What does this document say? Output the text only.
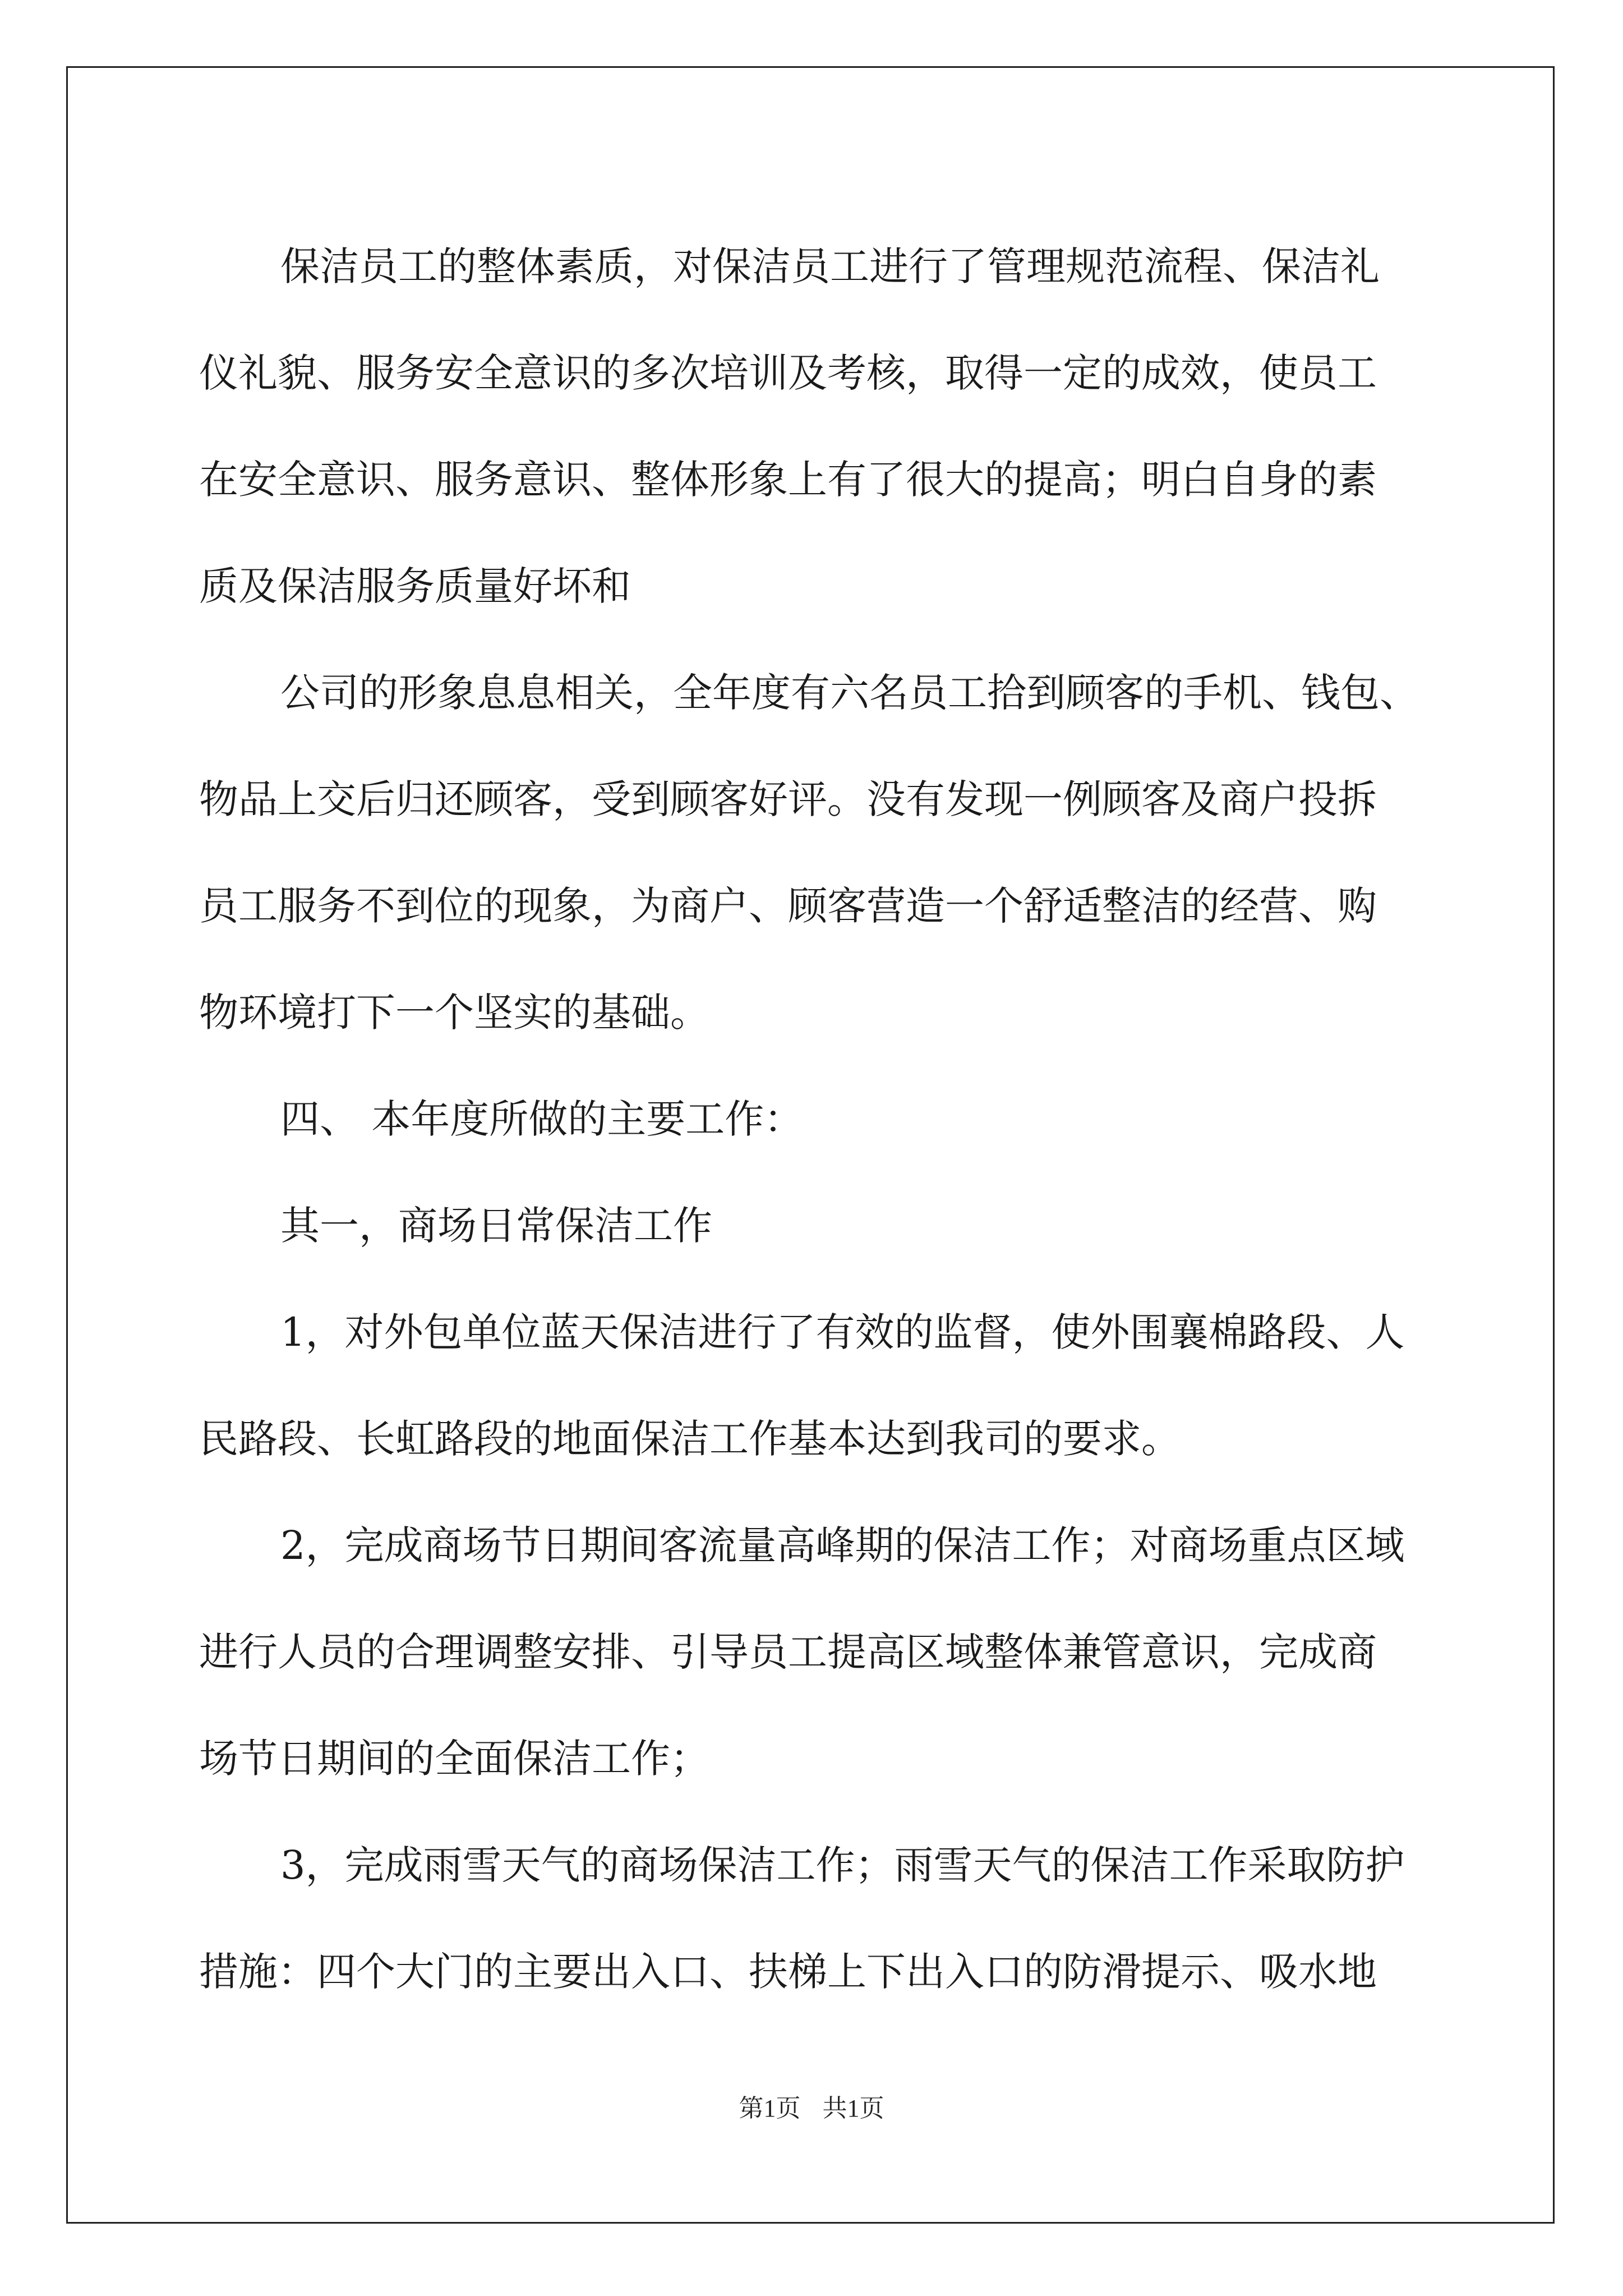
保洁员工的整体素质，对保洁员工进行了管理规范流程、保洁礼
仪礼貌、服务安全意识的多次培训及考核，取得一定的成效，使员工
在安全意识、服务意识、整体形象上有了很大的提高；明白自身的素
质及保洁服务质量好坏和

公司的形象息息相关，全年度有六名员工拾到顾客的手机、钱包、
物品上交后归还顾客，受到顾客好评。没有发现一例顾客及商户投拆
员工服务不到位的现象，为商户、顾客营造一个舒适整洁的经营、购
物环境打下一个坚实的基础。

四、 本年度所做的主要工作：

其一，商场日常保洁工作

1，对外包单位蓝天保洁进行了有效的监督，使外围襄棉路段、人
民路段、长虹路段的地面保洁工作基本达到我司的要求。

2，完成商场节日期间客流量高峰期的保洁工作；对商场重点区域
进行人员的合理调整安排、引导员工提高区域整体兼管意识，完成商
场节日期间的全面保洁工作；

3，完成雨雪天气的商场保洁工作；雨雪天气的保洁工作采取防护
措施：四个大门的主要出入口、扶梯上下出入口的防滑提示、吸水地

第1页 共1页
